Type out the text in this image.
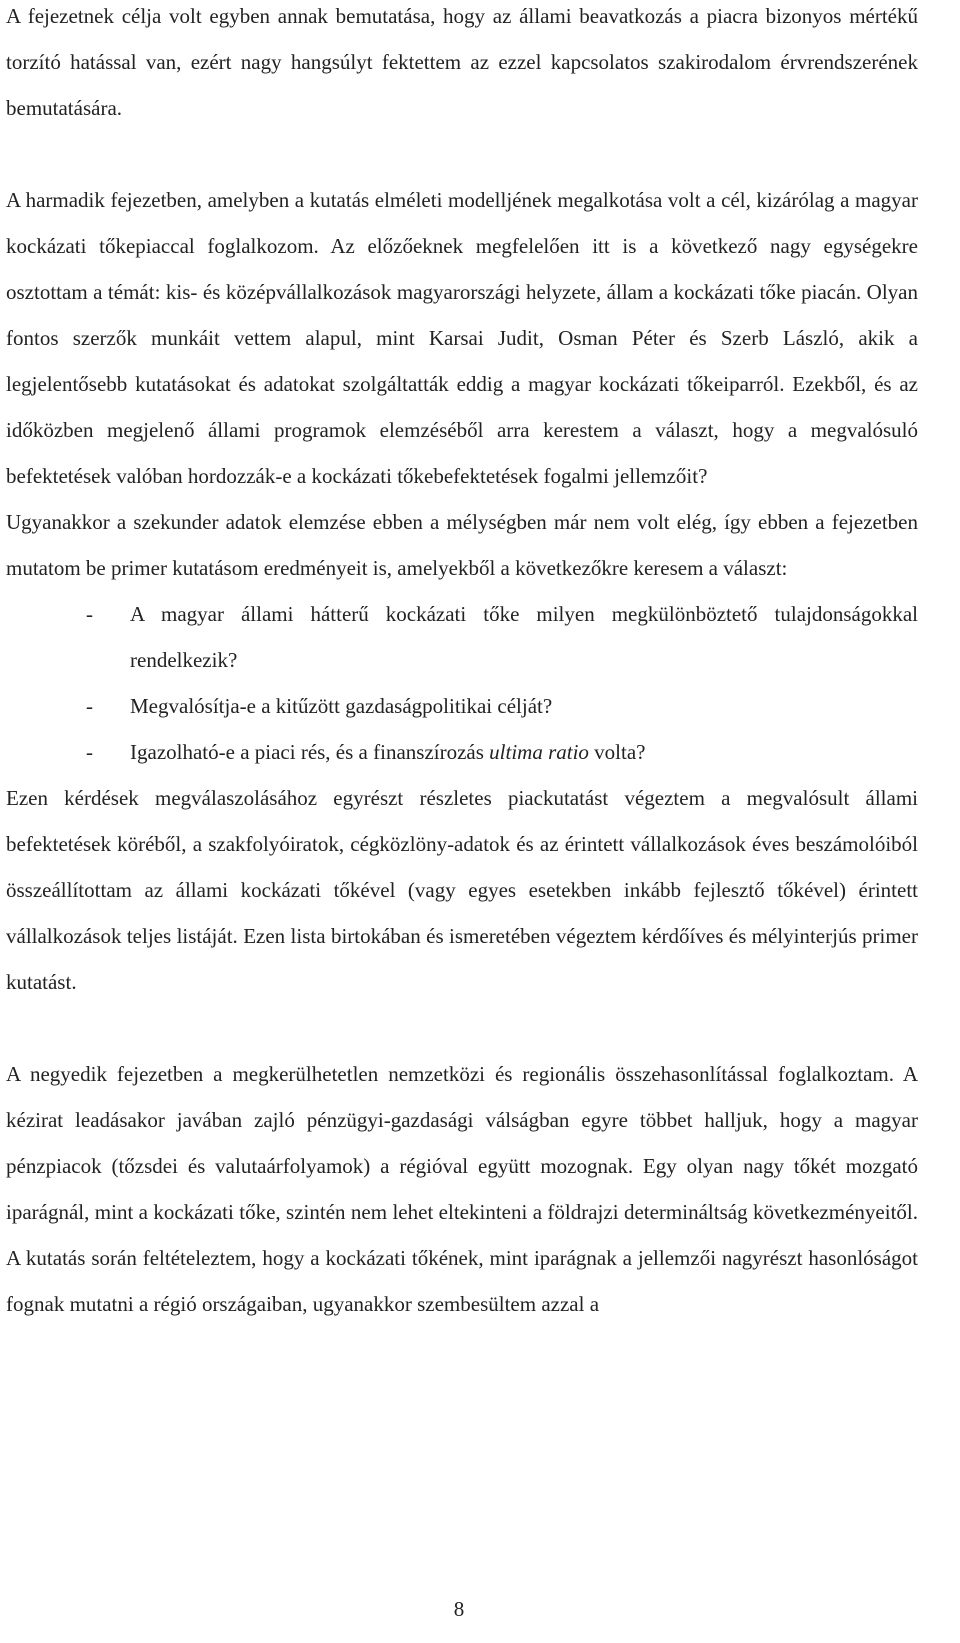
A fejezetnek célja volt egyben annak bemutatása, hogy az állami beavatkozás a piacra bizonyos mértékű torzító hatással van, ezért nagy hangsúlyt fektettem az ezzel kapcsolatos szakirodalom érvrendszerének bemutatására.

A harmadik fejezetben, amelyben a kutatás elméleti modelljének megalkotása volt a cél, kizárólag a magyar kockázati tőkepiaccal foglalkozom. Az előzőeknek megfelelően itt is a következő nagy egységekre osztottam a témát: kis- és középvállalkozások magyarországi helyzete, állam a kockázati tőke piacán. Olyan fontos szerzők munkáit vettem alapul, mint Karsai Judit, Osman Péter és Szerb László, akik a legjelentősebb kutatásokat és adatokat szolgáltatták eddig a magyar kockázati tőkeiparról. Ezekből, és az időközben megjelenő állami programok elemzéséből arra kerestem a választ, hogy a megvalósuló befektetések valóban hordozzák-e a kockázati tőkebefektetések fogalmi jellemzőit?

Ugyanakkor a szekunder adatok elemzése ebben a mélységben már nem volt elég, így ebben a fejezetben mutatom be primer kutatásom eredményeit is, amelyekből a következőkre keresem a választ:

- A magyar állami hátterű kockázati tőke milyen megkülönböztető tulajdonságokkal rendelkezik?
- Megvalósítja-e a kitűzött gazdaságpolitikai célját?
- Igazolható-e a piaci rés, és a finanszírozás ultima ratio volta?

Ezen kérdések megválaszolásához egyrészt részletes piackutatást végeztem a megvalósult állami befektetések köréből, a szakfolyóiratok, cégközlöny-adatok és az érintett vállalkozások éves beszámolóiból összeállítottam az állami kockázati tőkével (vagy egyes esetekben inkább fejlesztő tőkével) érintett vállalkozások teljes listáját. Ezen lista birtokában és ismeretében végeztem kérdőíves és mélyinterjús primer kutatást.

A negyedik fejezetben a megkerülhetetlen nemzetközi és regionális összehasonlítással foglalkoztam. A kézirat leadásakor javában zajló pénzügyi-gazdasági válságban egyre többet halljuk, hogy a magyar pénzpiacok (tőzsdei és valutaárfolyamok) a régióval együtt mozognak. Egy olyan nagy tőkét mozgató iparágnál, mint a kockázati tőke, szintén nem lehet eltekinteni a földrajzi determináltság következményeitől. A kutatás során feltételeztem, hogy a kockázati tőkének, mint iparágnak a jellemzői nagyrészt hasonlóságot fognak mutatni a régió országaiban, ugyanakkor szembesültem azzal a

8
